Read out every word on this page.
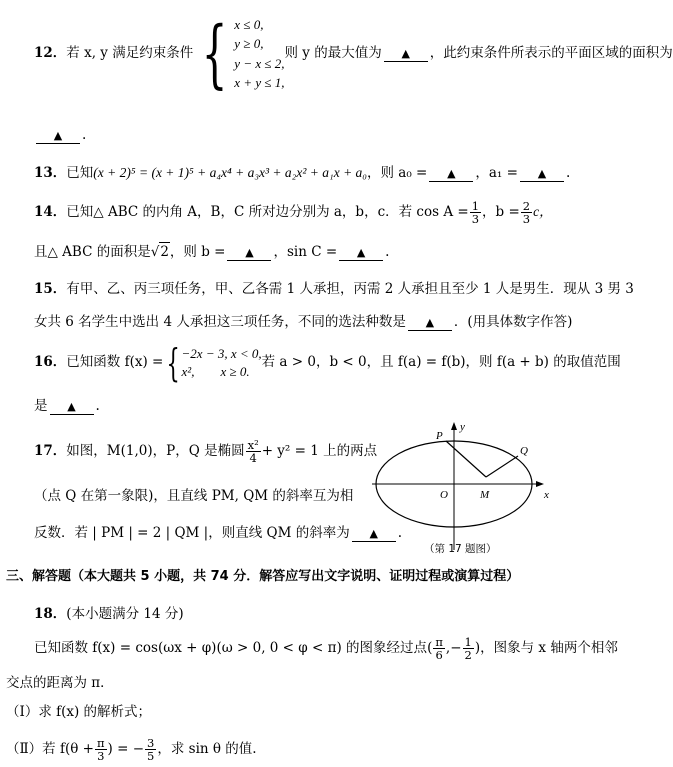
12．若 x, y 满足约束条件 { x ≤ 0,
y ≥ 0,
y − x ≤ 2,
x + y ≤ 1,
则 y 的最大值为 ▲ ，此约束条件所表示的平面区域的面积为
▲ .
13．已知(x + 2)⁵ = (x + 1)⁵ + a₄x⁴ + a₃x³ + a₂x² + a₁x + a₀，则 a₀ = ▲ ，a₁ = ▲ .
14．已知△ ABC 的内角 A，B，C 所对边分别为 a，b，c．若 $\cos A = \frac{1}{3}$ ，$b = \frac{2}{3}$ c，
且△ ABC 的面积是√ 2 ，则 b = ▲ ，sin C = ▲ .
15．有甲、乙、丙三项任务，甲、乙各需 1 人承担，丙需 2 人承担且至少 1 人是男生．现从 3 男 3
女共 6 名学生中选出 4 人承担这三项任务，不同的选法种数是 ▲ ．(用具体数字作答)
16．已知函数 f(x) = { −2x − 3, x < 0,
x²,        x ≥ 0.
若 a > 0，b < 0，且 f(a) = f(b)，则 f(a + b) 的取值范围
是 ▲ .
17．如图，M(1,0)，P，Q 是椭圆 $\frac{\text{x²}}{4} + y^2 = 1$ 上的两点
（点 Q 在第一象限)，且直线 PM, QM 的斜率互为相
反数．若 | PM | = 2 | QM |，则直线 QM 的斜率为 ▲ .
P
y
Q
O	M	x
（第 17 题图）
三、解答题（本大题共 5 小题，共 74 分．解答应写出文字说明、证明过程或演算过程）
18．(本小题满分 14 分)
已知函数 f(x) = cos(ωx + φ)(ω > 0, 0 < φ < π) 的图象经过点( $\frac{\pi}{6}$ ,− $\frac{1}{2}$ )，图象与 x 轴两个相邻
交点的距离为 π．
（Ⅰ）求 f(x) 的解析式；
（Ⅱ）若 $f(\theta + \frac{\pi}{3}$ ) = − $\frac{3}{5}$ ，求 sin θ 的值.
